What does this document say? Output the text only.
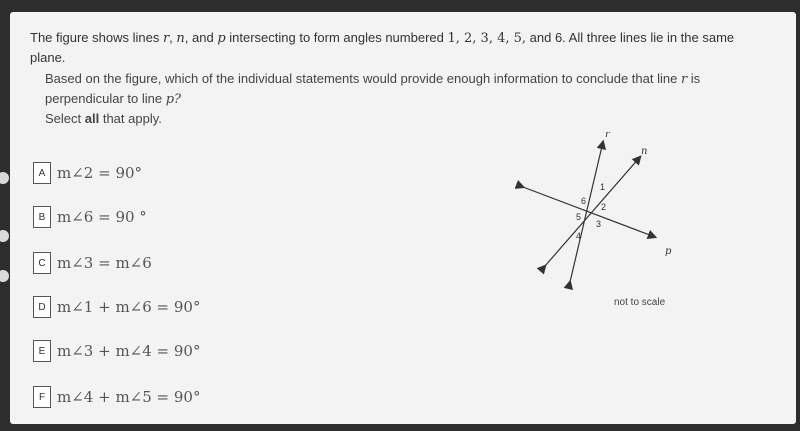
The figure shows lines r, n, and p intersecting to form angles numbered 1, 2, 3, 4, 5, and 6. All three lines lie in the same plane.
Based on the figure, which of the individual statements would provide enough information to conclude that line r is perpendicular to line p?
Select all that apply.
A m∠2 = 90°
B m∠6 = 90 °
C m∠3 = m∠6
D m∠1 + m∠6 = 90°
E m∠3 + m∠4 = 90°
F m∠4 + m∠5 = 90°
r
n
p
1
2
3
4
5
6
not to scale
